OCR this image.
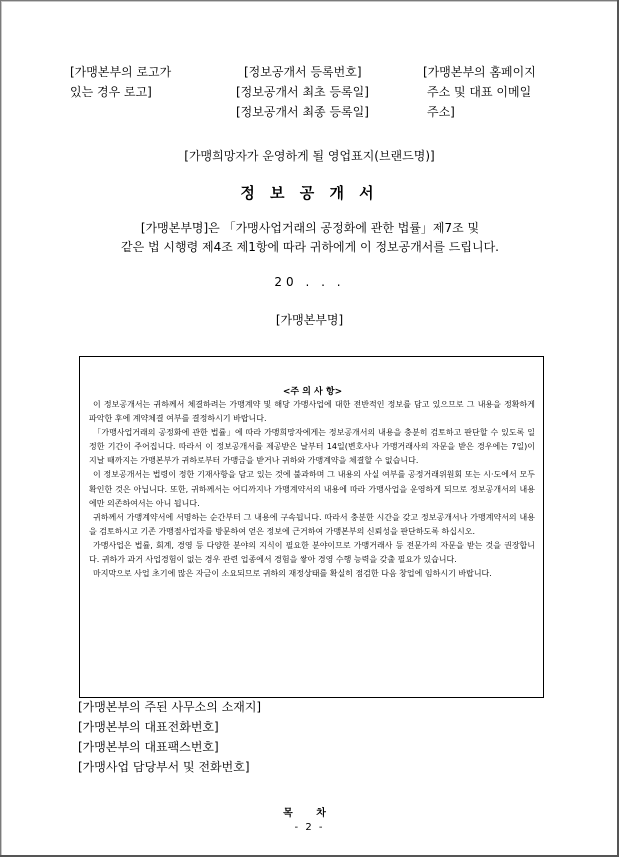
[가맹본부의 로고가
있는 경우 로고]
[정보공개서 등록번호]
[정보공개서 최초 등록일]
[정보공개서 최종 등록일]
[가맹본부의 홈페이지
주소 및 대표 이메일
주소]
[가맹희망자가 운영하게 될 영업표지(브랜드명)]
정 보 공 개 서
[가맹본부명]은 「가맹사업거래의 공정화에 관한 법률」제7조 및
같은 법 시행령 제4조 제1항에 따라 귀하에게 이 정보공개서를 드립니다.
20 . . .
[가맹본부명]
<주 의 사 항>

이 정보공개서는 귀하께서 체결하려는 가맹계약 및 해당 가맹사업에 대한 전반적인 정보를 담고 있으므로 그 내용을 정확하게 파악한 후에 계약체결 여부를 결정하시기 바랍니다.

「가맹사업거래의 공정화에 관한 법률」에 따라 가맹희망자에게는 정보공개서의 내용을 충분히 검토하고 판단할 수 있도록 일정한 기간이 주어집니다. 따라서 이 정보공개서를 제공받은 날부터 14일(변호사나 가맹거래사의 자문을 받은 경우에는 7일)이 지날 때까지는 가맹본부가 귀하로부터 가맹금을 받거나 귀하와 가맹계약을 체결할 수 없습니다.

이 정보공개서는 법령이 정한 기재사항을 담고 있는 것에 불과하며 그 내용의 사실 여부를 공정거래위원회 또는 시·도에서 모두 확인한 것은 아닙니다. 또한, 귀하께서는 어디까지나 가맹계약서의 내용에 따라 가맹사업을 운영하게 되므로 정보공개서의 내용에만 의존하여서는 아니 됩니다.

귀하께서 가맹계약서에 서명하는 순간부터 그 내용에 구속됩니다. 따라서 충분한 시간을 갖고 정보공개서나 가맹계약서의 내용을 검토하시고 기존 가맹점사업자를 방문하여 얻은 정보에 근거하여 가맹본부의 신뢰성을 판단하도록 하십시오.

가맹사업은 법률, 회계, 경영 등 다양한 분야의 지식이 필요한 분야이므로 가맹거래사 등 전문가의 자문을 받는 것을 권장합니다. 귀하가 과거 사업경험이 없는 경우 관련 업종에서 경험을 쌓아 경영 수행 능력을 갖출 필요가 있습니다.

마지막으로 사업 초기에 많은 자금이 소요되므로 귀하의 재정상태를 확실히 점검한 다음 창업에 임하시기 바랍니다.

[가맹본부의 주된 사무소의 소재지]
[가맹본부의 대표전화번호]
[가맹본부의 대표팩스번호]
[가맹사업 담당부서 및 전화번호]
목 차
- 2 -
